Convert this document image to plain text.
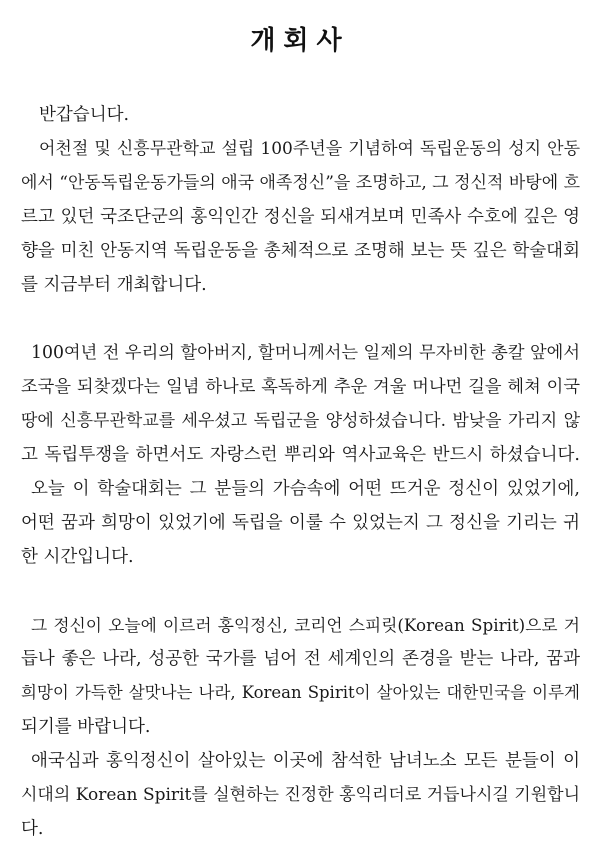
개회사
반갑습니다.
어천절 및 신흥무관학교 설립 100주년을 기념하여 독립운동의 성지 안동
에서 “안동독립운동가들의 애국 애족정신”을 조명하고, 그 정신적 바탕에 흐
르고 있던 국조단군의 홍익인간 정신을 되새겨보며 민족사 수호에 깊은 영
향을 미친 안동지역 독립운동을 총체적으로 조명해 보는 뜻 깊은 학술대회
를 지금부터 개최합니다.
100여년 전 우리의 할아버지, 할머니께서는 일제의 무자비한 총칼 앞에서
조국을 되찾겠다는 일념 하나로 혹독하게 추운 겨울 머나먼 길을 헤쳐 이국
땅에 신흥무관학교를 세우셨고 독립군을 양성하셨습니다. 밤낮을 가리지 않
고 독립투쟁을 하면서도 자랑스런 뿌리와 역사교육은 반드시 하셨습니다.
오늘 이 학술대회는 그 분들의 가슴속에 어떤 뜨거운 정신이 있었기에,
어떤 꿈과 희망이 있었기에 독립을 이룰 수 있었는지 그 정신을 기리는 귀
한 시간입니다.
그 정신이 오늘에 이르러 홍익정신, 코리언 스피릿(Korean Spirit)으로 거
듭나 좋은 나라, 성공한 국가를 넘어 전 세계인의 존경을 받는 나라, 꿈과
희망이 가득한 살맛나는 나라, Korean Spirit이 살아있는 대한민국을 이루게
되기를 바랍니다.
애국심과 홍익정신이 살아있는 이곳에 참석한 남녀노소 모든 분들이 이
시대의 Korean Spirit를 실현하는 진정한 홍익리더로 거듭나시길 기원합니
다.
